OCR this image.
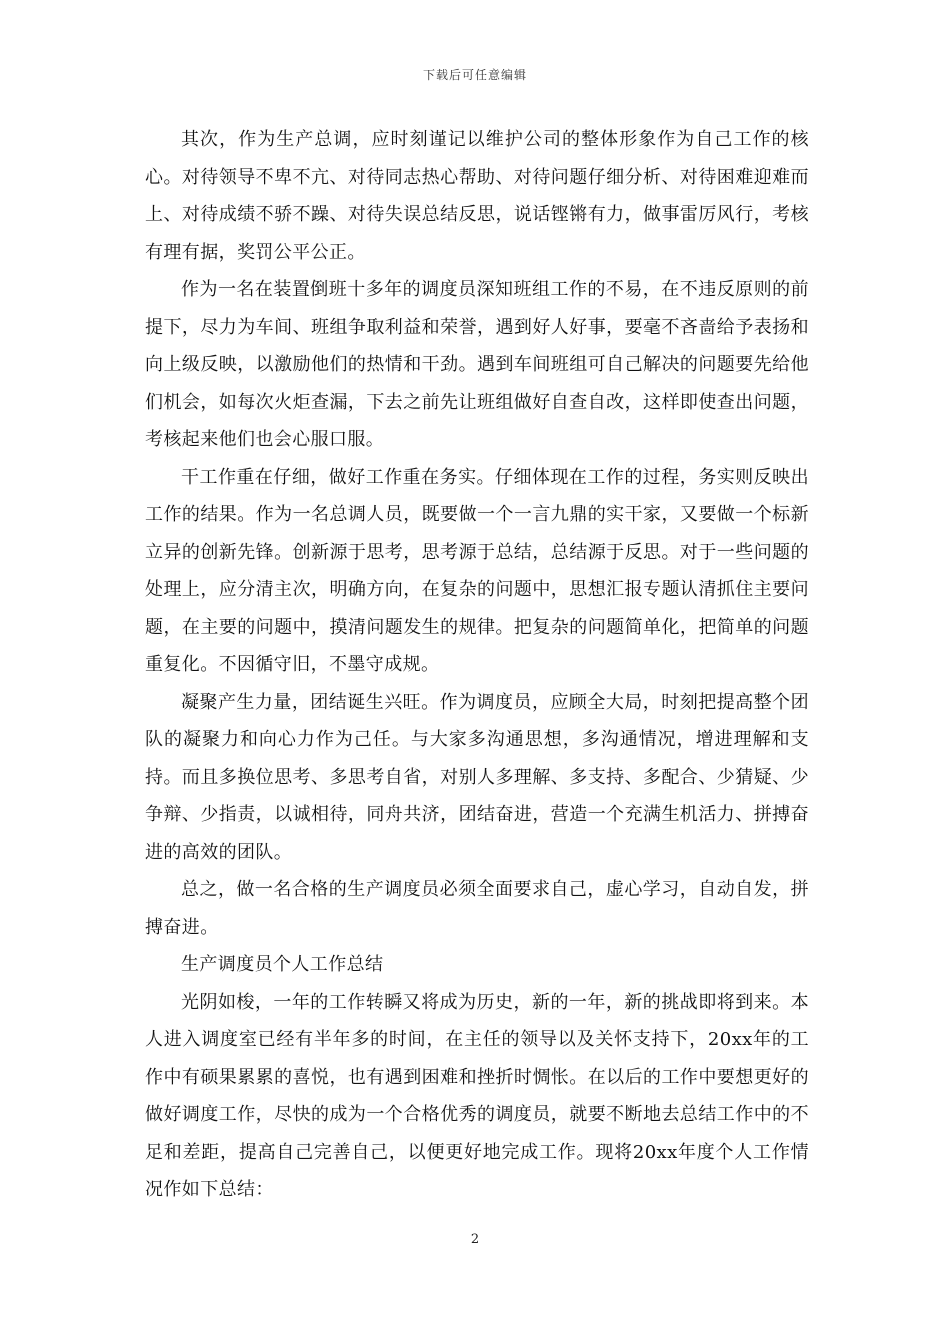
下载后可任意编辑

其次，作为生产总调，应时刻谨记以维护公司的整体形象作为自己工作的核心。对待领导不卑不亢、对待同志热心帮助、对待问题仔细分析、对待困难迎难而上、对待成绩不骄不躁、对待失误总结反思，说话铿锵有力，做事雷厉风行，考核有理有据，奖罚公平公正。

作为一名在装置倒班十多年的调度员深知班组工作的不易，在不违反原则的前提下，尽力为车间、班组争取利益和荣誉，遇到好人好事，要毫不吝啬给予表扬和向上级反映，以激励他们的热情和干劲。遇到车间班组可自己解决的问题要先给他们机会，如每次火炬查漏，下去之前先让班组做好自查自改，这样即使查出问题，考核起来他们也会心服口服。

干工作重在仔细，做好工作重在务实。仔细体现在工作的过程，务实则反映出工作的结果。作为一名总调人员，既要做一个一言九鼎的实干家，又要做一个标新立异的创新先锋。创新源于思考，思考源于总结，总结源于反思。对于一些问题的处理上，应分清主次，明确方向，在复杂的问题中，思想汇报专题认清抓住主要问题，在主要的问题中，摸清问题发生的规律。把复杂的问题简单化，把简单的问题重复化。不因循守旧，不墨守成规。

凝聚产生力量，团结诞生兴旺。作为调度员，应顾全大局，时刻把提高整个团队的凝聚力和向心力作为己任。与大家多沟通思想，多沟通情况，增进理解和支持。而且多换位思考、多思考自省，对别人多理解、多支持、多配合、少猜疑、少争辩、少指责，以诚相待，同舟共济，团结奋进，营造一个充满生机活力、拼搏奋进的高效的团队。

总之，做一名合格的生产调度员必须全面要求自己，虚心学习，自动自发，拼搏奋进。

生产调度员个人工作总结

光阴如梭，一年的工作转瞬又将成为历史，新的一年，新的挑战即将到来。本人进入调度室已经有半年多的时间，在主任的领导以及关怀支持下，20xx年的工作中有硕果累累的喜悦，也有遇到困难和挫折时惆怅。在以后的工作中要想更好的做好调度工作，尽快的成为一个合格优秀的调度员，就要不断地去总结工作中的不足和差距，提高自己完善自己，以便更好地完成工作。现将20xx年度个人工作情况作如下总结：

2
